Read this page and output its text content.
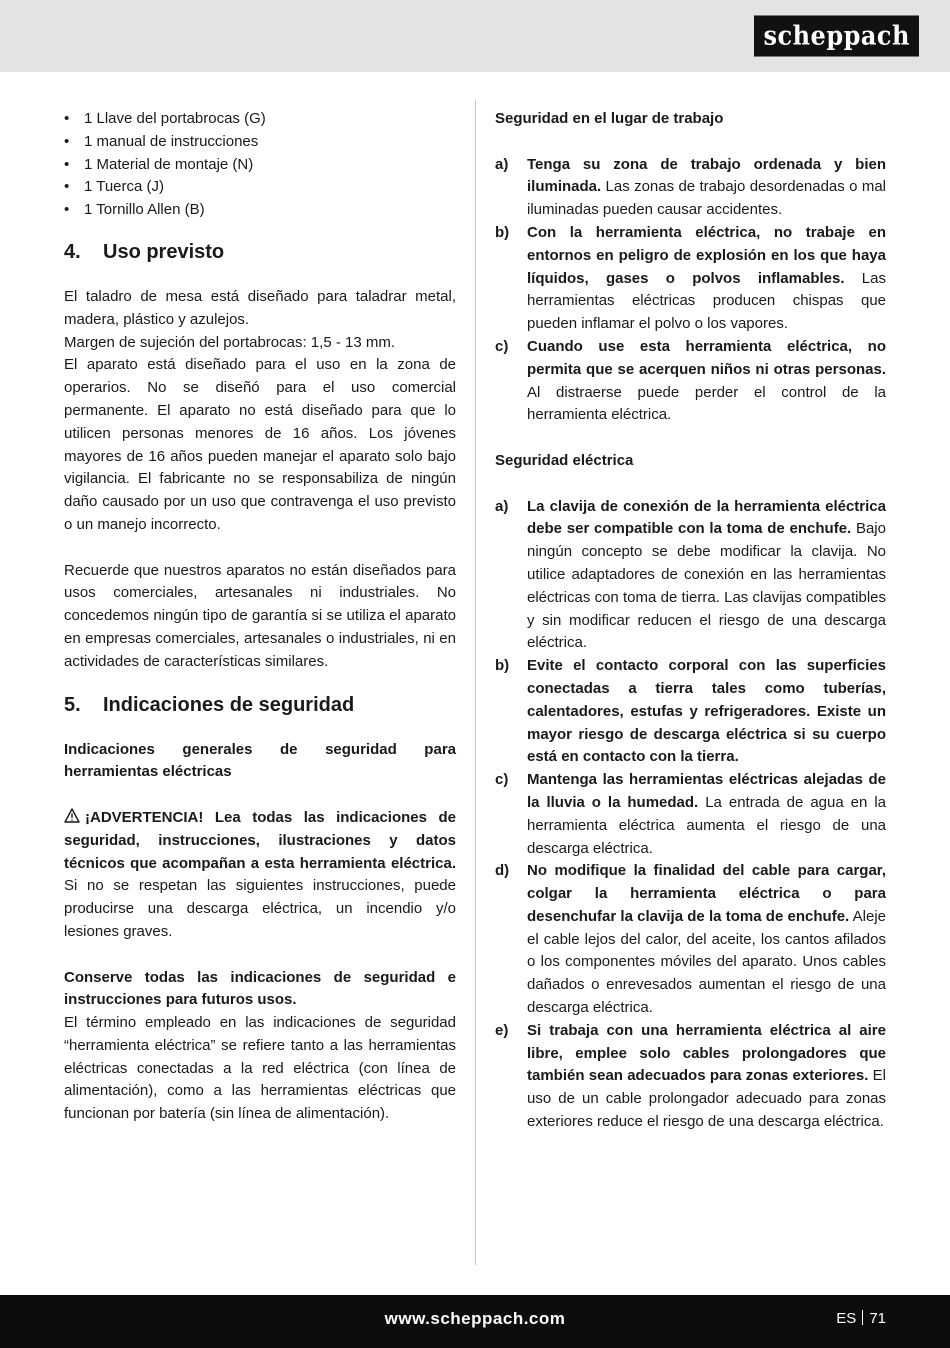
scheppach
• 1 Llave del portabrocas (G)
• 1 manual de instrucciones
• 1 Material de montaje (N)
• 1 Tuerca (J)
• 1 Tornillo Allen (B)
4.	Uso previsto

El taladro de mesa está diseñado para taladrar metal, madera, plástico y azulejos.

Margen de sujeción del portabrocas: 1,5 - 13 mm.

El aparato está diseñado para el uso en la zona de operarios. No se diseñó para el uso comercial permanente. El aparato no está diseñado para que lo utilicen personas menores de 16 años. Los jóvenes mayores de 16 años pueden manejar el aparato solo bajo vigilancia. El fabricante no se responsabiliza de ningún daño causado por un uso que contravenga el uso previsto o un manejo incorrecto.

Recuerde que nuestros aparatos no están diseñados para usos comerciales, artesanales ni industriales. No concedemos ningún tipo de garantía si se utiliza el aparato en empresas comerciales, artesanales o industriales, ni en actividades de características similares.

5.	Indicaciones de seguridad

Indicaciones generales de seguridad para herramientas eléctricas

¡ADVERTENCIA! Lea todas las indicaciones de seguridad, instrucciones, ilustraciones y datos técnicos que acompañan a esta herramienta eléctrica. Si no se respetan las siguientes instrucciones, puede producirse una descarga eléctrica, un incendio y/o lesiones graves.

Conserve todas las indicaciones de seguridad e instrucciones para futuros usos.

El término empleado en las indicaciones de seguridad “herramienta eléctrica” se refiere tanto a las herramientas eléctricas conectadas a la red eléctrica (con línea de alimentación), como a las herramientas eléctricas que funcionan por batería (sin línea de alimentación).

Seguridad en el lugar de trabajo

a) Tenga su zona de trabajo ordenada y bien iluminada. Las zonas de trabajo desordenadas o mal iluminadas pueden causar accidentes.
b) Con la herramienta eléctrica, no trabaje en entornos en peligro de explosión en los que haya líquidos, gases o polvos inflamables. Las herramientas eléctricas producen chispas que pueden inflamar el polvo o los vapores.
c) Cuando use esta herramienta eléctrica, no permita que se acerquen niños ni otras personas. Al distraerse puede perder el control de la herramienta eléctrica.

Seguridad eléctrica

a) La clavija de conexión de la herramienta eléctrica debe ser compatible con la toma de enchufe. Bajo ningún concepto se debe modificar la clavija. No utilice adaptadores de conexión en las herramientas eléctricas con toma de tierra. Las clavijas compatibles y sin modificar reducen el riesgo de una descarga eléctrica.
b) Evite el contacto corporal con las superficies conectadas a tierra tales como tuberías, calentadores, estufas y refrigeradores. Existe un mayor riesgo de descarga eléctrica si su cuerpo está en contacto con la tierra.
c) Mantenga las herramientas eléctricas alejadas de la lluvia o la humedad. La entrada de agua en la herramienta eléctrica aumenta el riesgo de una descarga eléctrica.
d) No modifique la finalidad del cable para cargar, colgar la herramienta eléctrica o para desenchufar la clavija de la toma de enchufe. Aleje el cable lejos del calor, del aceite, los cantos afilados o los componentes móviles del aparato. Unos cables dañados o enrevesados aumentan el riesgo de una descarga eléctrica.
e) Si trabaja con una herramienta eléctrica al aire libre, emplee solo cables prolongadores que también sean adecuados para zonas exteriores. El uso de un cable prolongador adecuado para zonas exteriores reduce el riesgo de una descarga eléctrica.
www.scheppach.com	ES 71
